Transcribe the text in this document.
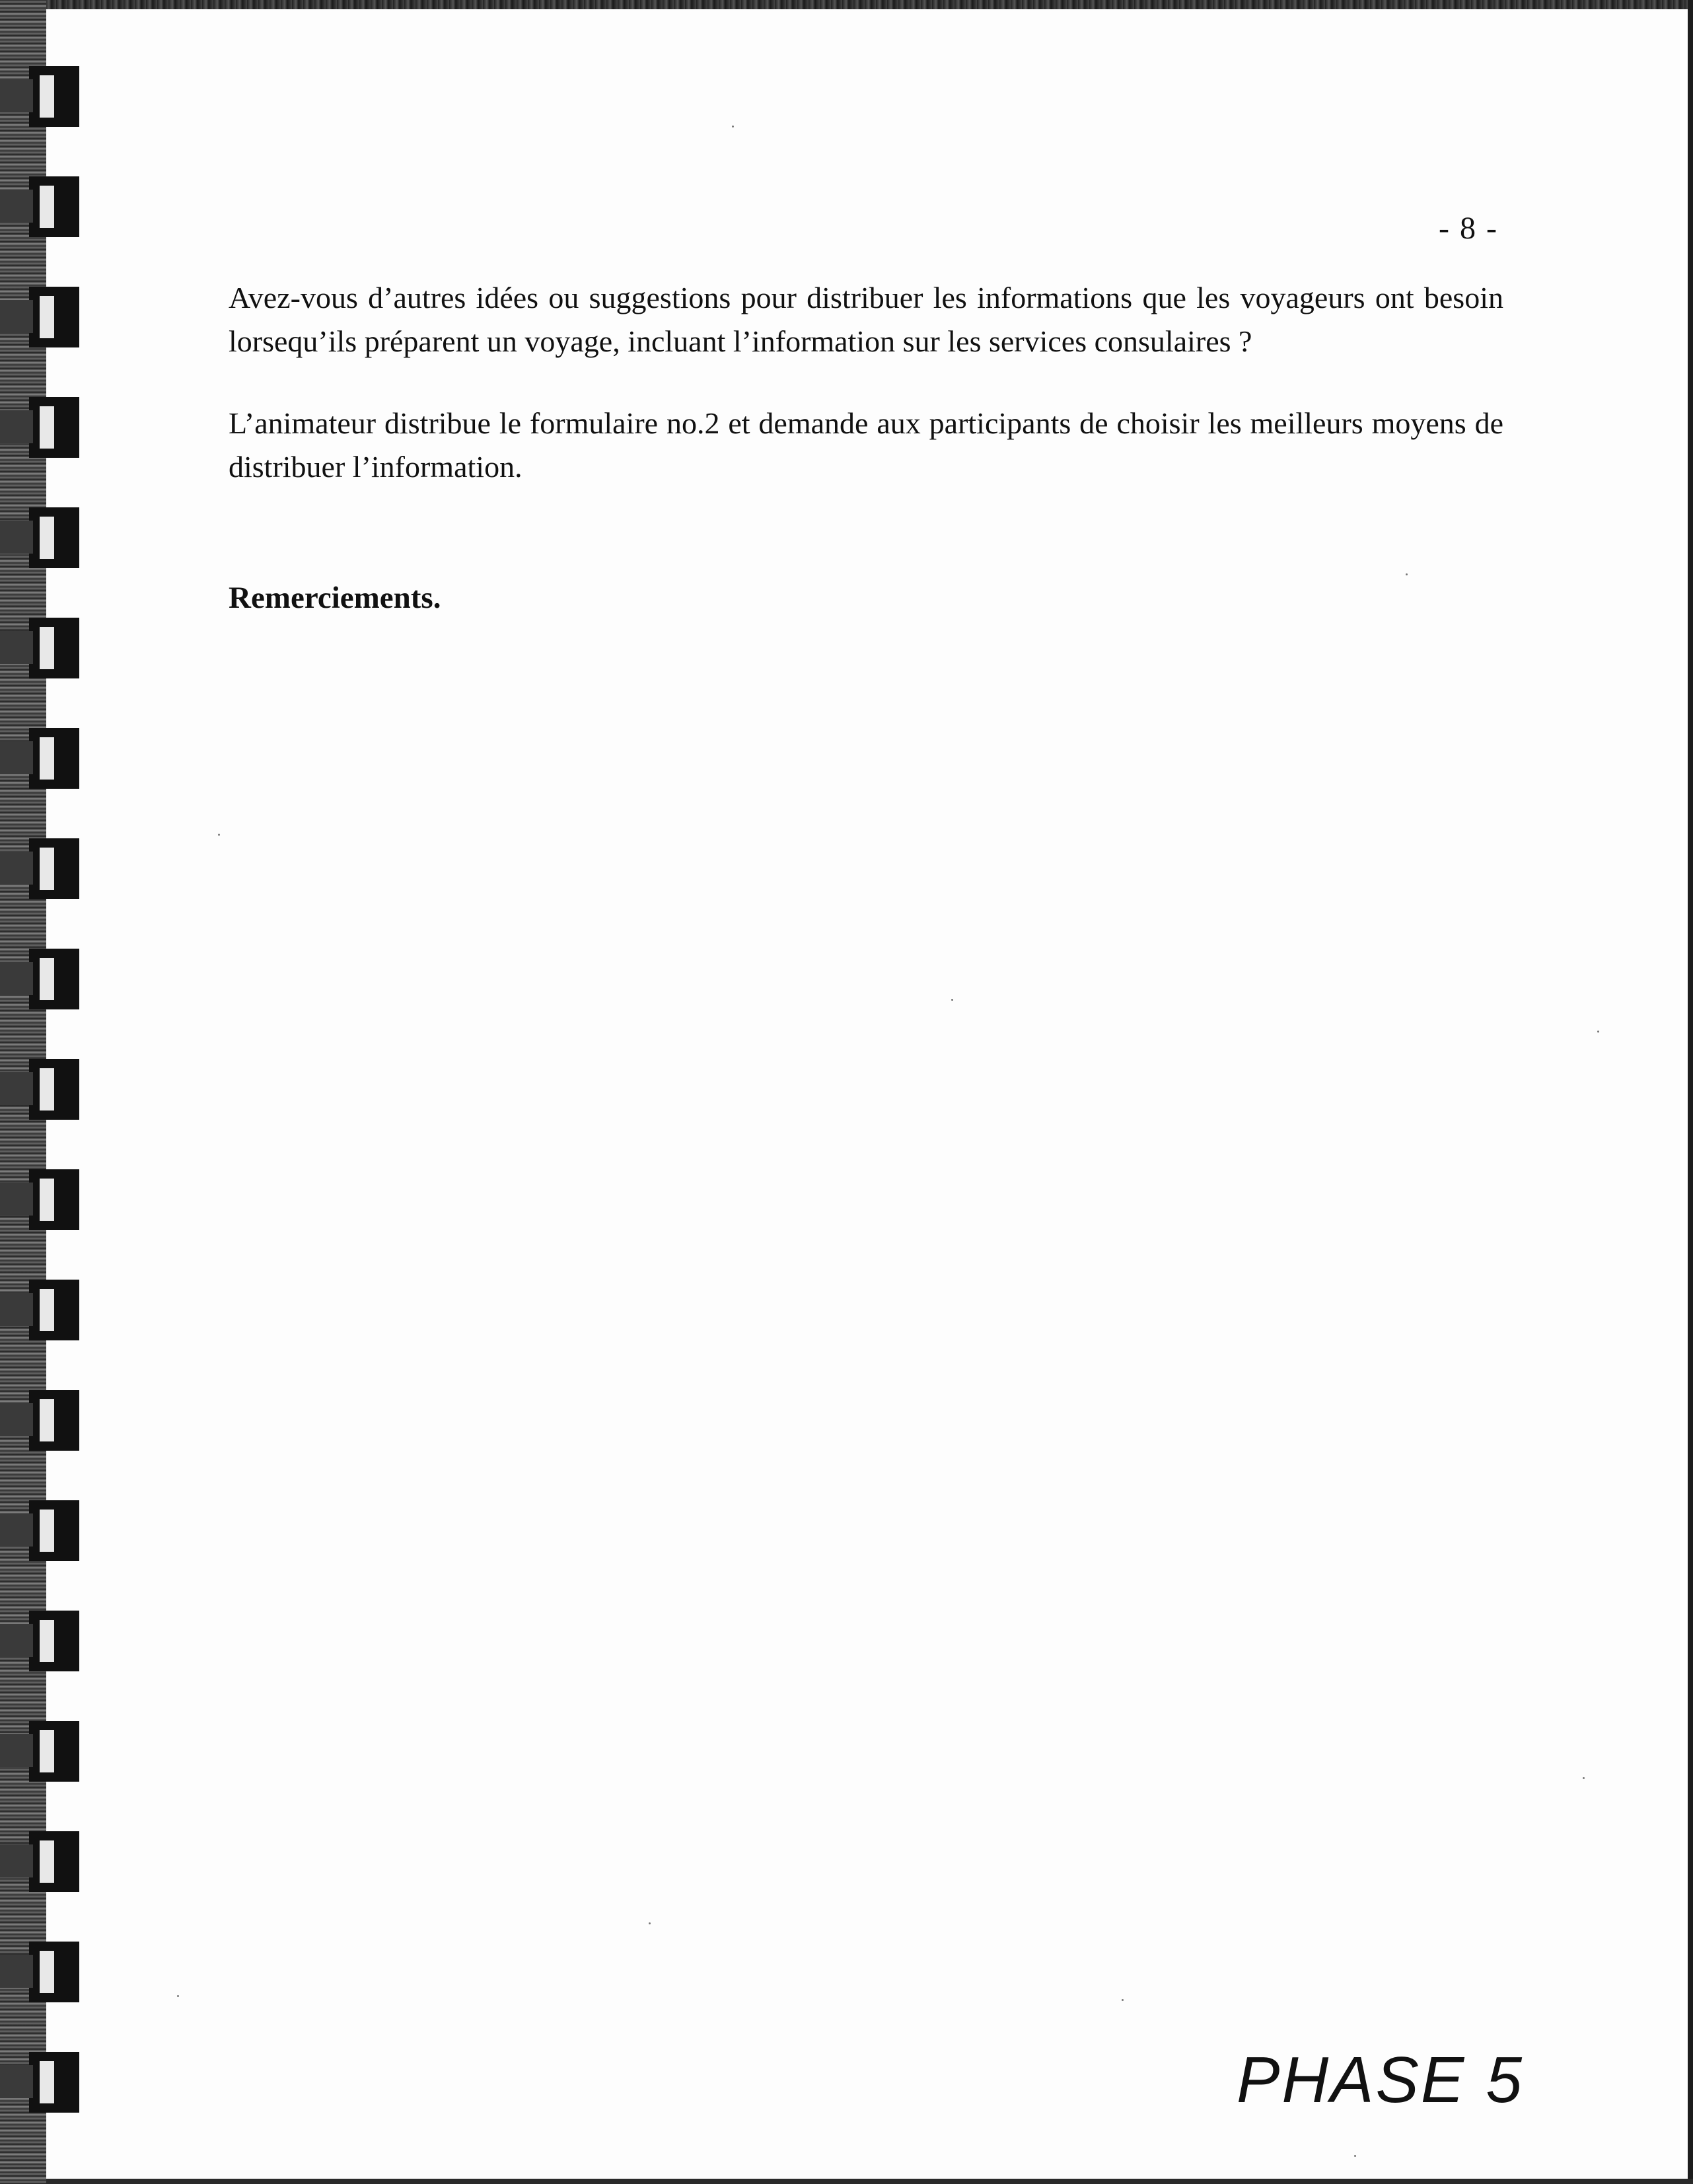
- 8 -
Avez-vous d’autres idées ou suggestions pour distribuer les informations que les voyageurs ont besoin lorsequ’ils préparent un voyage, incluant l’information sur les services consulaires ?
L’animateur distribue le formulaire no.2 et demande aux participants de choisir les meilleurs moyens de distribuer l’information.
Remerciements.
PHASE 5
